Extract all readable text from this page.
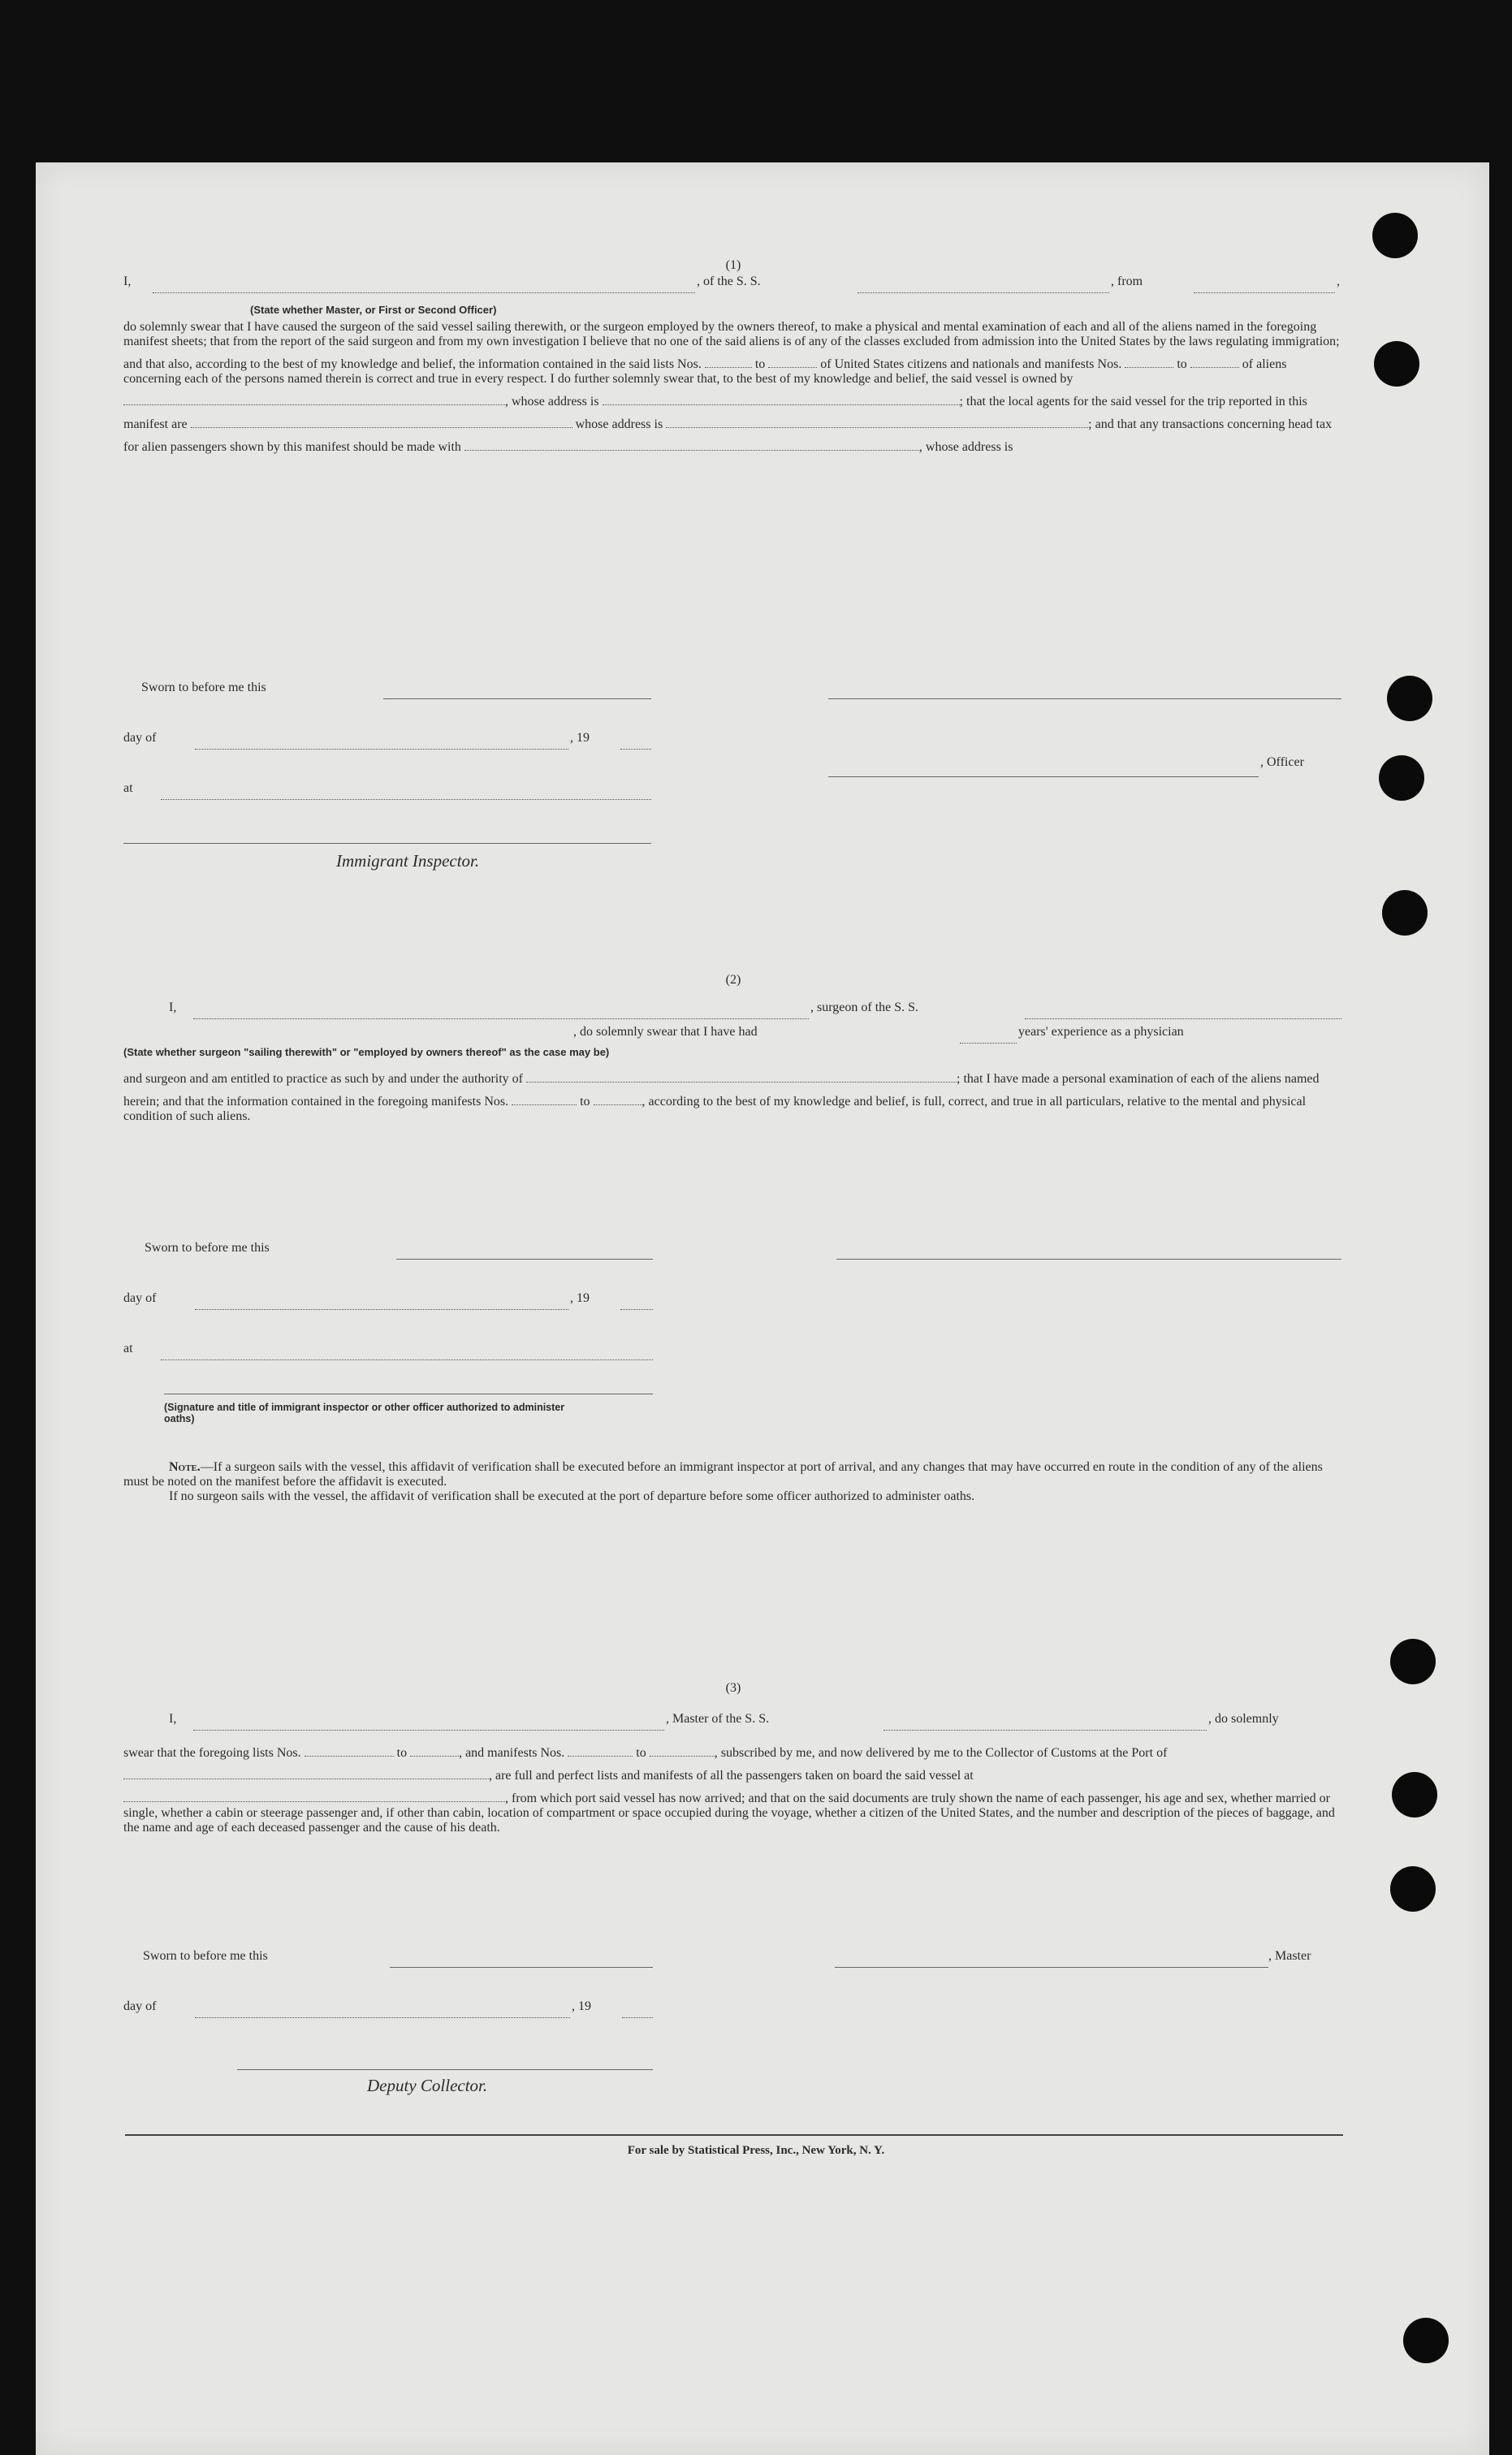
(1)

I,	, of the S. S.	, from	,
(State whether Master, or First or Second Officer)

do solemnly swear that I have caused the surgeon of the said vessel sailing therewith, or the surgeon employed by the owners thereof, to make a physical and mental examination of each and all of the aliens named in the foregoing manifest sheets; that from the report of the said surgeon and from my own investigation I believe that no one of the said aliens is of any of the classes excluded from admission into the United States by the laws regulating immigration; and that also, according to the best of my knowledge and belief, the information contained in the said lists Nos.	to	of United States citizens and nationals and manifests Nos.	to	of aliens concerning each of the persons named therein is correct and true in every respect. I do further solemnly swear that, to the best of my knowledge and belief, the said vessel is owned by , whose address is	; that the local agents for the said vessel for the trip reported in this manifest are	whose address is	; and that any transactions concerning head tax for alien passengers shown by this manifest should be made with	, whose address is

Sworn to before me this
day of	, 19
at
Immigrant Inspector.
, Officer

(2)

I,	, surgeon of the S. S.
, do solemnly swear that I have had	years' experience as a physician
(State whether surgeon "sailing therewith" or "employed by owners thereof" as the case may be)

and surgeon and am entitled to practice as such by and under the authority of	; that I have made a personal examination of each of the aliens named herein; and that the information contained in the foregoing manifests Nos.	to	, according to the best of my knowledge and belief, is full, correct, and true in all particulars, relative to the mental and physical condition of such aliens.

Sworn to before me this
day of	, 19
at
(Signature and title of immigrant inspector or other officer authorized to administer oaths)

Note.—If a surgeon sails with the vessel, this affidavit of verification shall be executed before an immigrant inspector at port of arrival, and any changes that may have occurred en route in the condition of any of the aliens must be noted on the manifest before the affidavit is executed.

If no surgeon sails with the vessel, the affidavit of verification shall be executed at the port of departure before some officer authorized to administer oaths.

(3)

I,	, Master of the S. S.	, do solemnly

swear that the foregoing lists Nos.	to	, and manifests Nos.	to	, subscribed by me, and now delivered by me to the Collector of Customs at the Port of , are full and perfect lists and manifests of all the passengers taken on board the said vessel at , from which port said vessel has now arrived; and that on the said documents are truly shown the name of each passenger, his age and sex, whether married or single, whether a cabin or steerage passenger and, if other than cabin, location of compartment or space occupied during the voyage, whether a citizen of the United States, and the number and description of the pieces of baggage, and the name and age of each deceased passenger and the cause of his death.

Sworn to before me this	, Master
day of	, 19
Deputy Collector.
For sale by Statistical Press, Inc., New York, N. Y.
